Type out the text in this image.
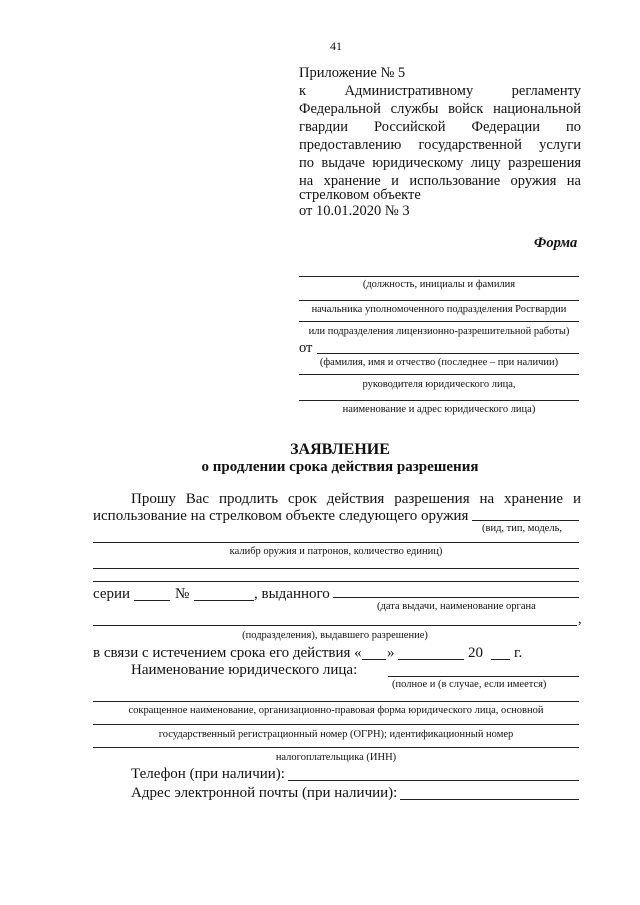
41
Приложение № 5
к Административному регламенту
Федеральной службы войск национальной
гвардии Российской Федерации по
предоставлению государственной услуги
по выдаче юридическому лицу разрешения
на хранение и использование оружия на
стрелковом объекте
от 10.01.2020 № 3
Форма
(должность, инициалы и фамилия
начальника уполномоченного подразделения Росгвардии
или подразделения лицензионно-разрешительной работы)
от
(фамилия, имя и отчество (последнее – при наличии)
руководителя юридического лица,
наименование и адрес юридического лица)
ЗАЯВЛЕНИЕ
о продлении срока действия разрешения
Прошу Вас продлить срок действия разрешения на хранение и
использование на стрелковом объекте следующего оружия
(вид, тип, модель,
калибр оружия и патронов, количество единиц)
серии	№	, выданного
(дата выдачи, наименование органа
,
(подразделения), выдавшего разрешение)
в связи с истечением срока его действия « »	20 г.
Наименование юридического лица:
(полное и (в случае, если имеется)
сокращенное наименование, организационно-правовая форма юридического лица, основной
государственный регистрационный номер (ОГРН); идентификационный номер
налогоплательщика (ИНН)
Телефон (при наличии):
Адрес электронной почты (при наличии):
